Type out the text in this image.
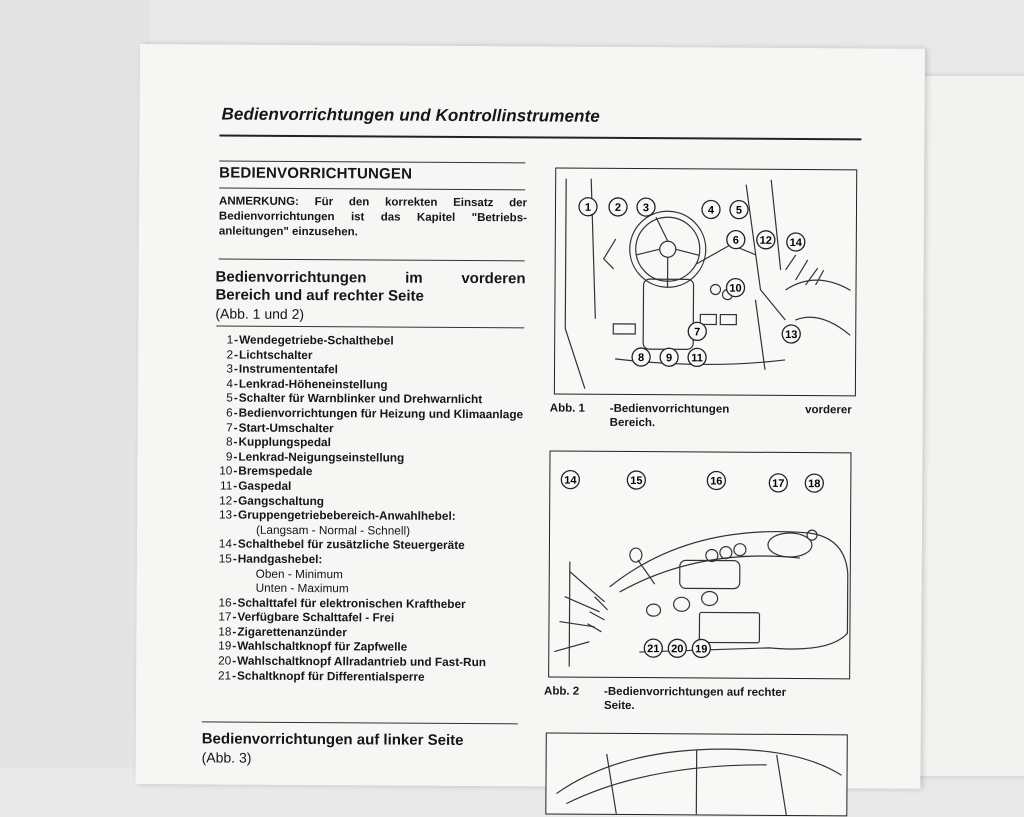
Bedienvorrichtungen und Kontrollinstrumente
BEDIENVORRICHTUNGEN
ANMERKUNG: Für den korrekten Einsatz der Bedienvorrichtungen ist das Kapitel "Betriebs-anleitungen" einzusehen.
Bedienvorrichtungen	im	vorderen
Bereich und auf rechter Seite
(Abb. 1 und 2)
1 - Wendegetriebe-Schalthebel
2 - Lichtschalter
3 - Instrumententafel
4 - Lenkrad-Höheneinstellung
5 - Schalter für Warnblinker und Drehwarnlicht
6 - Bedienvorrichtungen für Heizung und Klimaanlage
7 - Start-Umschalter
8 - Kupplungspedal
9 - Lenkrad-Neigungseinstellung
10 - Bremspedale
11 - Gaspedal
12 - Gangschaltung
13 - Gruppengetriebebereich-Anwahlhebel:
(Langsam - Normal - Schnell)
14 - Schalthebel für zusätzliche Steuergeräte
15 - Handgashebel:
Oben - Minimum
Unten - Maximum
16 - Schalttafel für elektronischen Kraftheber
17 - Verfügbare Schalttafel - Frei
18 - Zigarettenanzünder
19 - Wahlschaltknopf für Zapfwelle
20 - Wahlschaltknopf Allradantrieb und Fast-Run
21 - Schaltknopf für Differentialsperre
Bedienvorrichtungen auf linker Seite
(Abb. 3)
1 2 3	4 5
6
7
8 9
10
11
12
13
14
Abb. 1 -Bedienvorrichtungen	vorderer
Bereich.
14	15	16	17 18
19
20
21
Abb. 2 -Bedienvorrichtungen auf rechter
Seite.
